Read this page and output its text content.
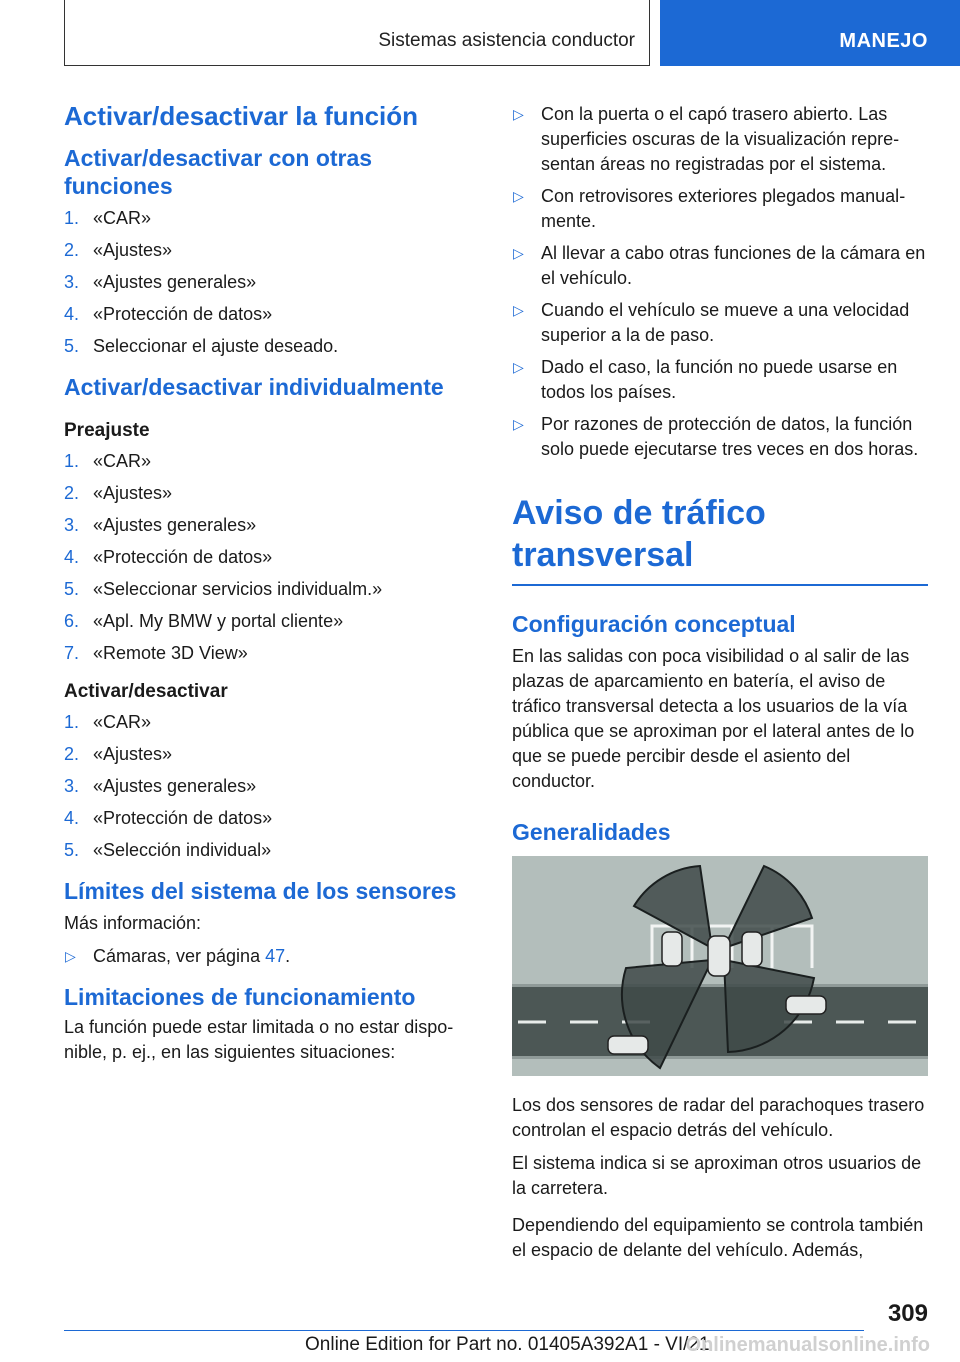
Sistemas asistencia conductor	MANEJO
Activar/desactivar la función
Activar/desactivar con otras funciones
1. «CAR»
2. «Ajustes»
3. «Ajustes generales»
4. «Protección de datos»
5. Seleccionar el ajuste deseado.
Activar/desactivar individualmente
Preajuste
1. «CAR»
2. «Ajustes»
3. «Ajustes generales»
4. «Protección de datos»
5. «Seleccionar servicios individualm.»
6. «Apl. My BMW y portal cliente»
7. «Remote 3D View»
Activar/desactivar
1. «CAR»
2. «Ajustes»
3. «Ajustes generales»
4. «Protección de datos»
5. «Selección individual»
Límites del sistema de los sensores
Más información:
▷ Cámaras, ver página 47.
Limitaciones de funcionamiento
La función puede estar limitada o no estar disponible, p. ej., en las siguientes situaciones:
▷ Con la puerta o el capó trasero abierto. Las superficies oscuras de la visualización representan áreas no registradas por el sistema.
▷ Con retrovisores exteriores plegados manualmente.
▷ Al llevar a cabo otras funciones de la cámara en el vehículo.
▷ Cuando el vehículo se mueve a una velocidad superior a la de paso.
▷ Dado el caso, la función no puede usarse en todos los países.
▷ Por razones de protección de datos, la función solo puede ejecutarse tres veces en dos horas.
Aviso de tráfico transversal
Configuración conceptual
En las salidas con poca visibilidad o al salir de las plazas de aparcamiento en batería, el aviso de tráfico transversal detecta a los usuarios de la vía pública que se aproximan por el lateral antes de lo que se puede percibir desde el asiento del conductor.
Generalidades
Los dos sensores de radar del parachoques trasero controlan el espacio detrás del vehículo.
El sistema indica si se aproximan otros usuarios de la carretera.
Dependiendo del equipamiento se controla también el espacio de delante del vehículo. Además,
309
Online Edition for Part no. 01405A392A1 - VI/21
Onlinemanualsonline.info
